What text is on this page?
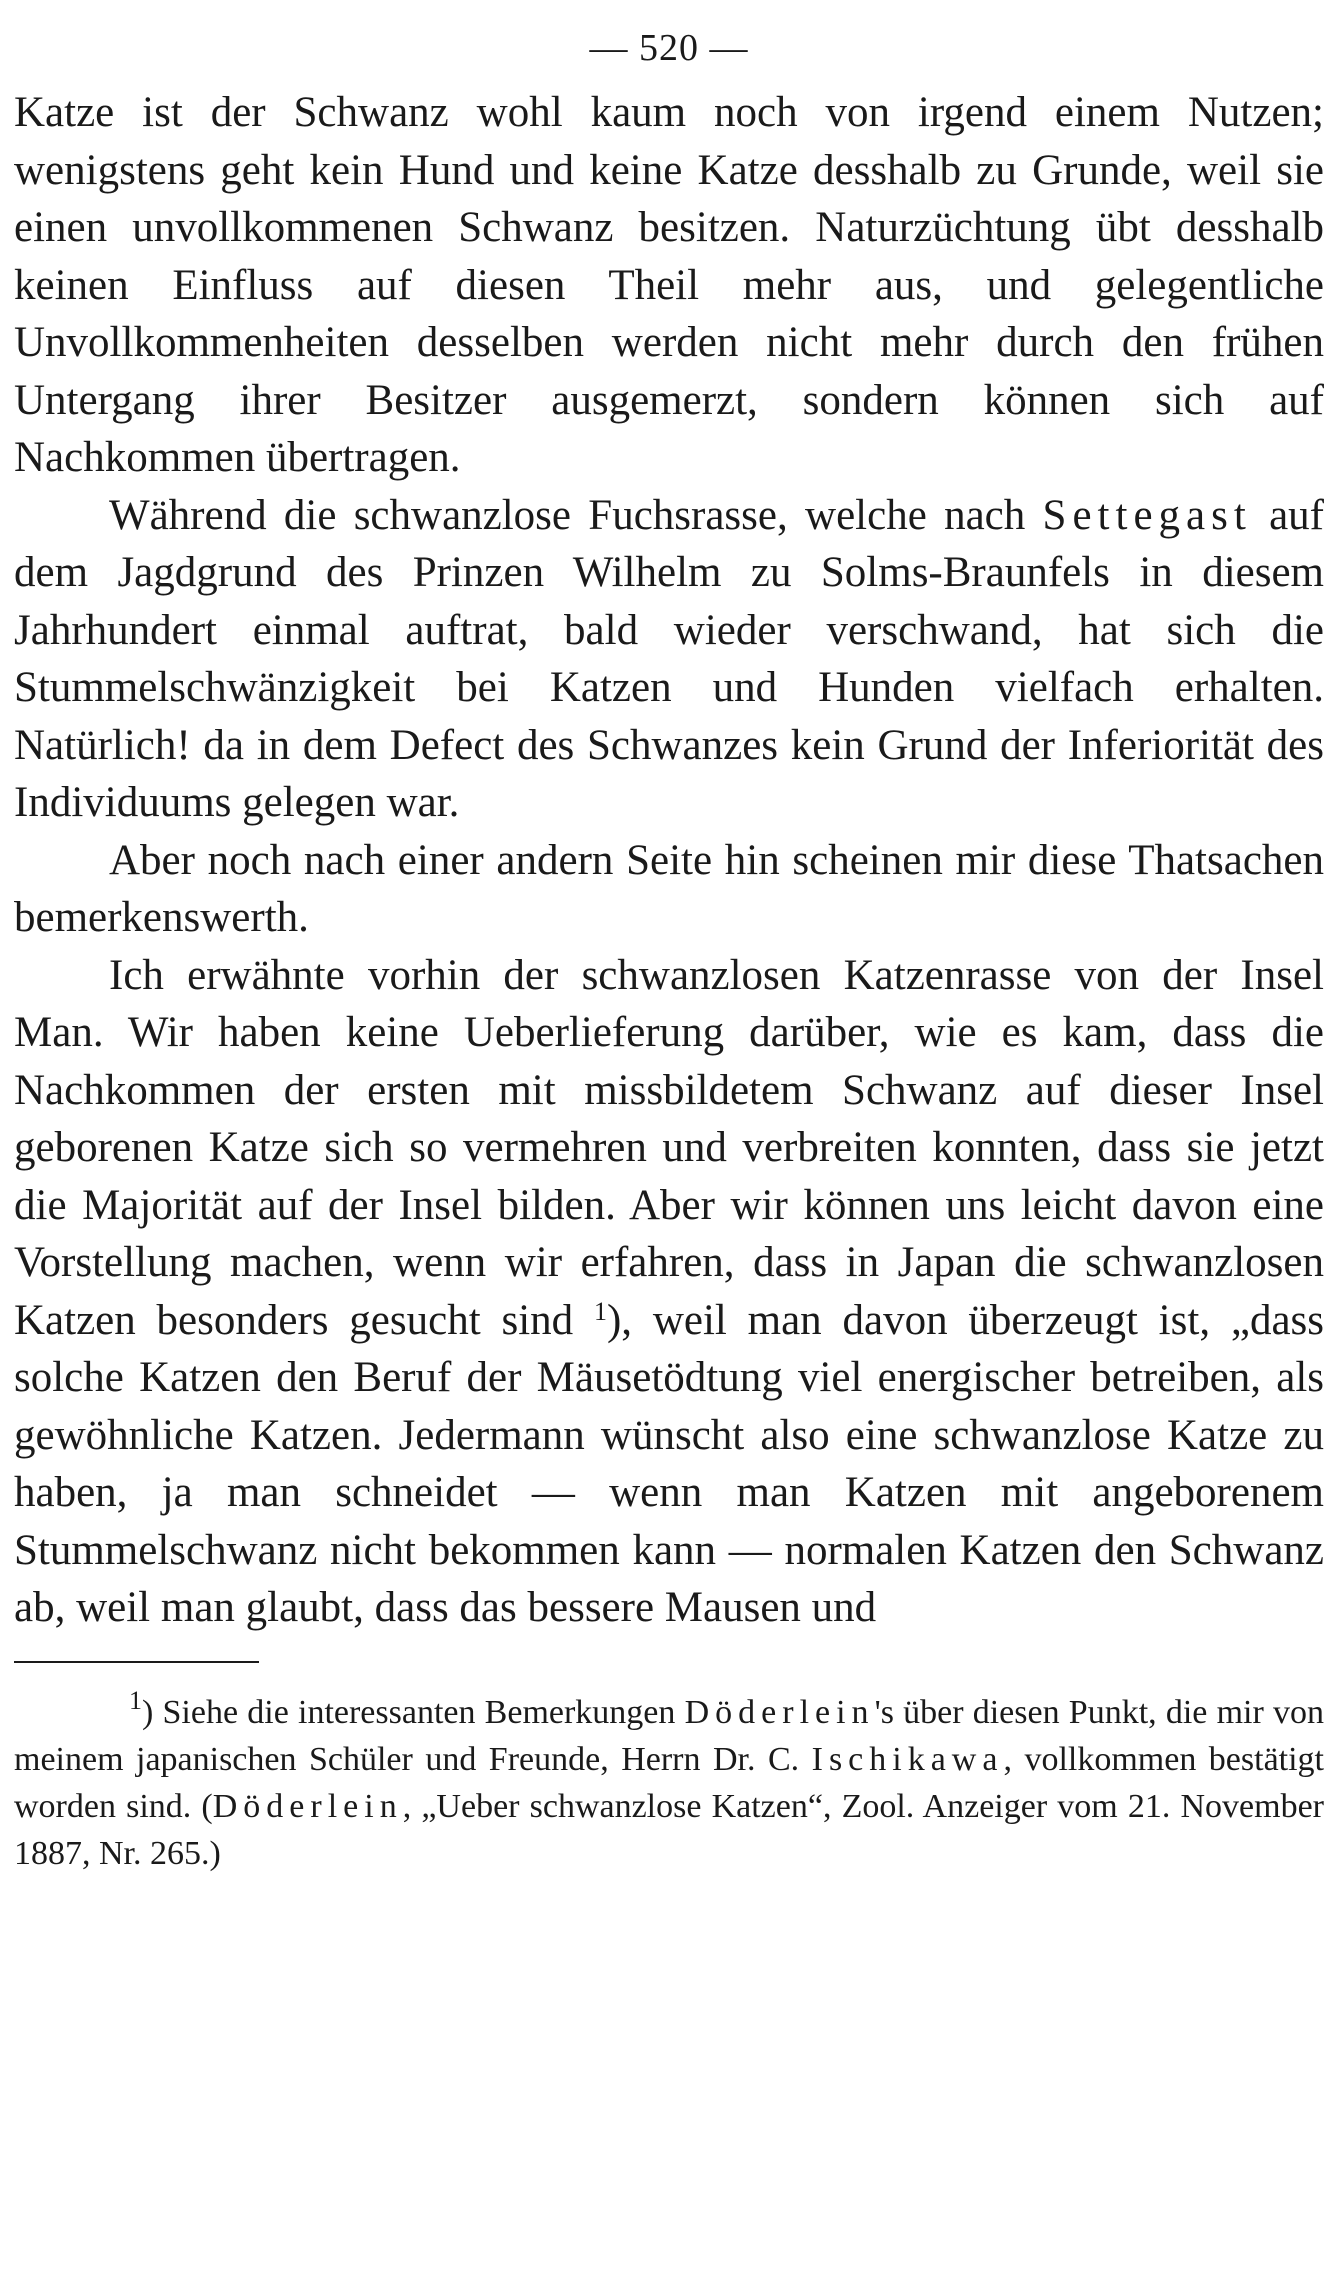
— 520 —

Katze ist der Schwanz wohl kaum noch von irgend einem Nutzen; wenigstens geht kein Hund und keine Katze desshalb zu Grunde, weil sie einen unvollkommenen Schwanz besitzen. Naturzüchtung übt desshalb keinen Einfluss auf diesen Theil mehr aus, und gelegentliche Unvollkommenheiten desselben werden nicht mehr durch den frühen Untergang ihrer Besitzer ausgemerzt, sondern können sich auf Nachkommen übertragen.

Während die schwanzlose Fuchsrasse, welche nach Settegast auf dem Jagdgrund des Prinzen Wilhelm zu Solms-Braunfels in diesem Jahrhundert einmal auftrat, bald wieder verschwand, hat sich die Stummelschwänzigkeit bei Katzen und Hunden vielfach erhalten. Natürlich! da in dem Defect des Schwanzes kein Grund der Inferiorität des Individuums gelegen war.

Aber noch nach einer andern Seite hin scheinen mir diese Thatsachen bemerkenswerth.

Ich erwähnte vorhin der schwanzlosen Katzenrasse von der Insel Man. Wir haben keine Ueberlieferung darüber, wie es kam, dass die Nachkommen der ersten mit missbildetem Schwanz auf dieser Insel geborenen Katze sich so vermehren und verbreiten konnten, dass sie jetzt die Majorität auf der Insel bilden. Aber wir können uns leicht davon eine Vorstellung machen, wenn wir erfahren, dass in Japan die schwanzlosen Katzen besonders gesucht sind $^1$), weil man davon überzeugt ist, „dass solche Katzen den Beruf der Mäusetödtung viel energischer betreiben, als gewöhnliche Katzen. Jedermann wünscht also eine schwanzlose Katze zu haben, ja man schneidet — wenn man Katzen mit angeborenem Stummelschwanz nicht bekommen kann — normalen Katzen den Schwanz ab, weil man glaubt, dass das bessere Mausen und

$^1$) Siehe die interessanten Bemerkungen Döderlein's über diesen Punkt, die mir von meinem japanischen Schüler und Freunde, Herrn Dr. C. Ischikawa, vollkommen bestätigt worden sind. (Döderlein, „Ueber schwanzlose Katzen“, Zool. Anzeiger vom 21. November 1887, Nr. 265.)
